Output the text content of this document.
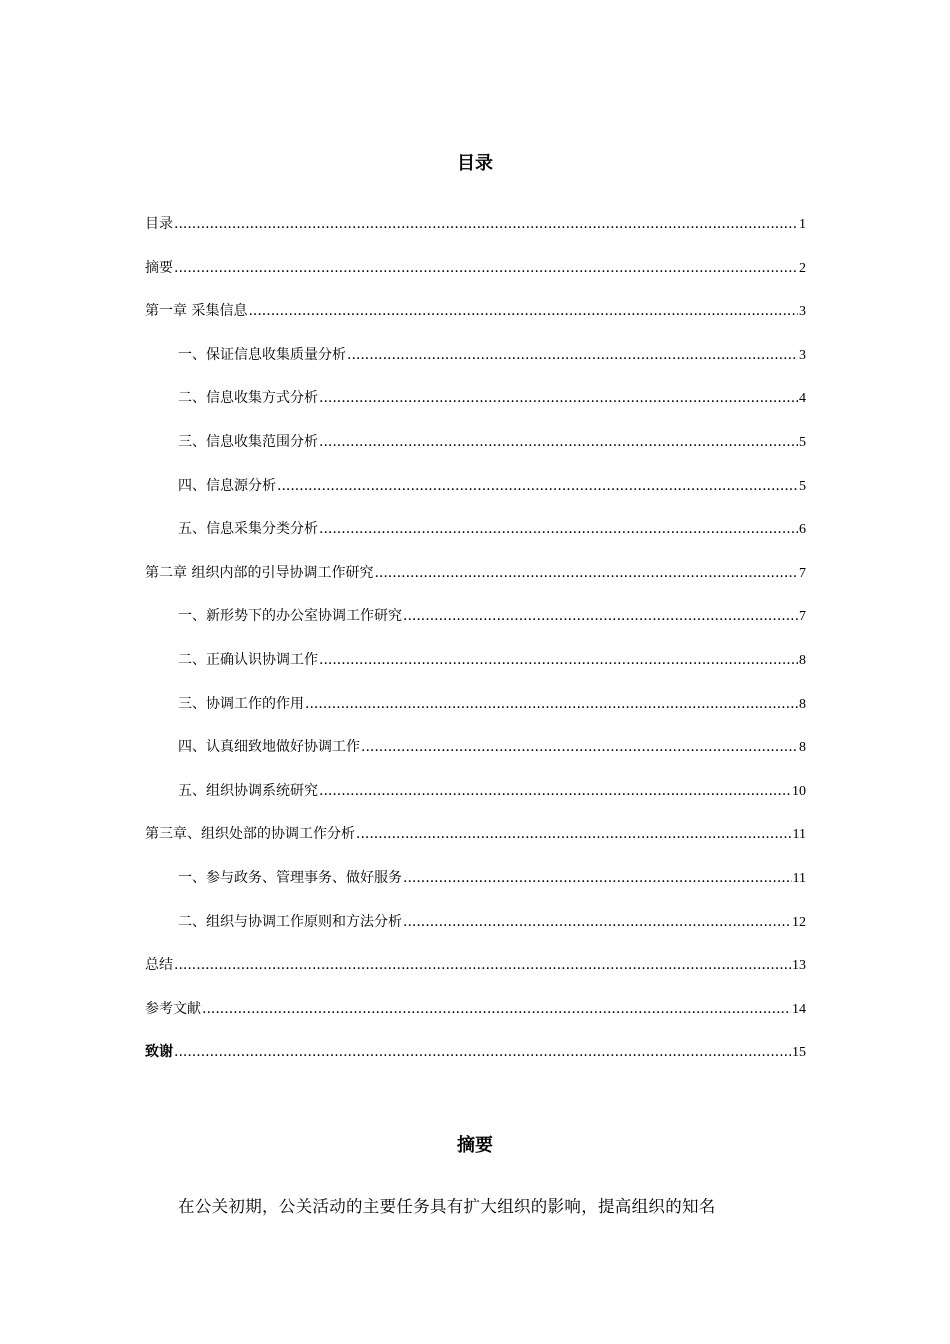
目录
目录 .....	1
摘要 .....	2
第一章 采集信息 .....	3
一、保证信息收集质量分析 .....	3
二、信息收集方式分析 .....	4
三、信息收集范围分析 .....	5
四、信息源分析 .....	5
五、信息采集分类分析 .....	6
第二章 组织内部的引导协调工作研究 .....	7
一、新形势下的办公室协调工作研究 .....	7
二、正确认识协调工作 .....	8
三、协调工作的作用 .....	8
四、认真细致地做好协调工作 .....	8
五、组织协调系统研究 .....	10
第三章、组织处部的协调工作分析 .....	11
一、参与政务、管理事务、做好服务 .....	11
二、组织与协调工作原则和方法分析 .....	12
总结 .....	13
参考文献 .....	14
致谢 .....	15
摘要
在公关初期，公关活动的主要任务具有扩大组织的影响，提高组织的知名
